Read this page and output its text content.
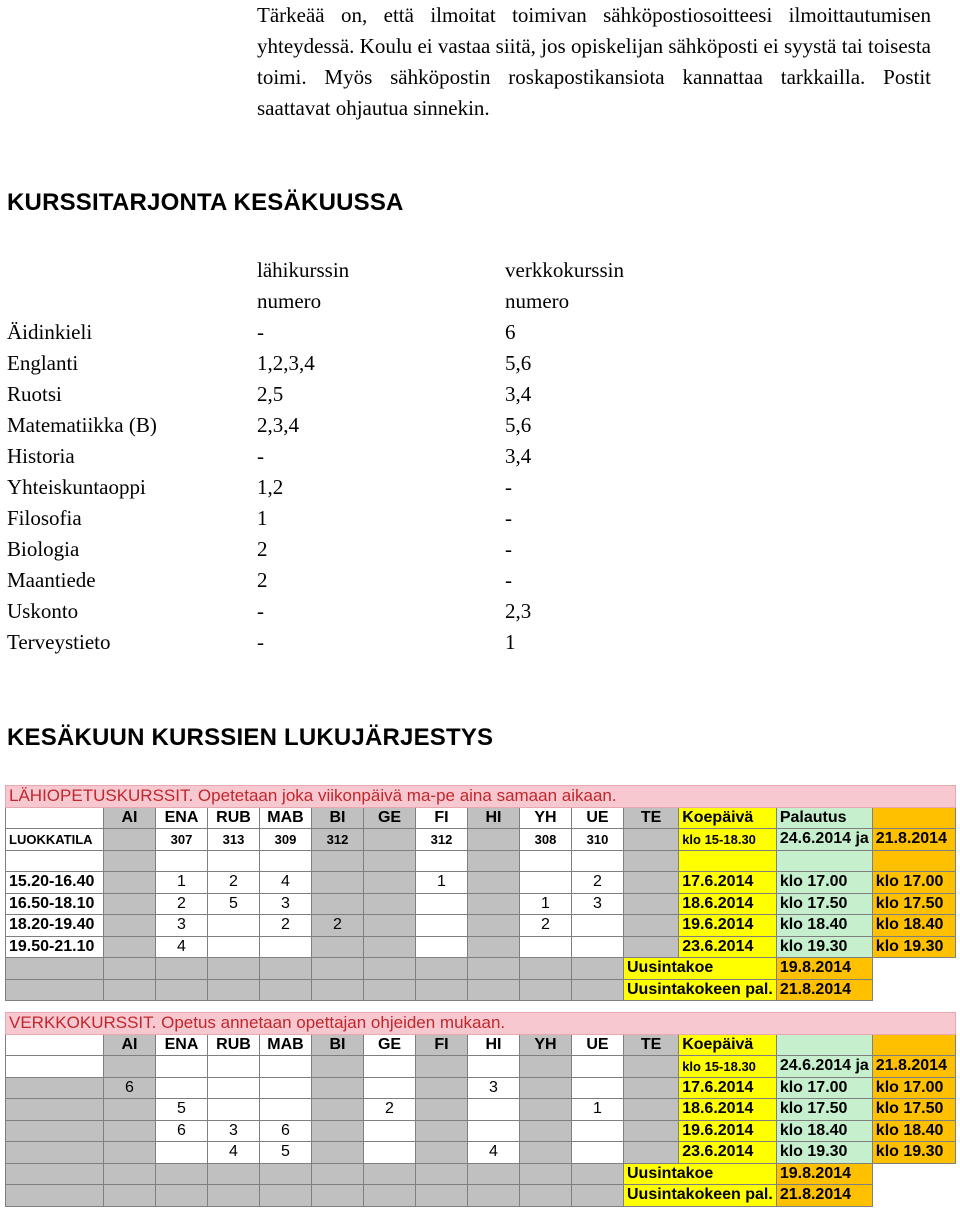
Tärkeää on, että ilmoitat toimivan sähköpostiosoitteesi ilmoittautumisen yhteydessä. Koulu ei vastaa siitä, jos opiskelijan sähköposti ei syystä tai toisesta toimi. Myös sähköpostin roskapostikansiota kannattaa tarkkailla. Postit saattavat ohjautua sinnekin.
KURSSITARJONTA KESÄKUUSSA
lähikurssin	verkkokurssin
numero	numero
Äidinkieli	-	6
Englanti	1,2,3,4	5,6
Ruotsi	2,5	3,4
Matematiikka (B)	2,3,4	5,6
Historia	-	3,4
Yhteiskuntaoppi	1,2	-
Filosofia	1	-
Biologia	2	-
Maantiede	2	-
Uskonto	-	2,3
Terveystieto	-	1
KESÄKUUN KURSSIEN LUKUJÄRJESTYS
LÄHIOPETUSKURSSIT. Opetetaan joka viikonpäivä ma-pe aina samaan aikaan.														
	AI	ENA	RUB	MAB	BI	GE	FI	HI	YH	UE	TE	Koepäivä	Palautus	
LUOKKATILA		307	313	309	312		312		308	310		klo 15-18.30	24.6.2014 ja	21.8.2014

15.20-16.40		1	2	4			1			2		17.6.2014	klo 17.00	klo 17.00
16.50-18.10		2	5	3					1	3		18.6.2014	klo 17.50	klo 17.50
18.20-19.40		3		2	2				2			19.6.2014	klo 18.40	klo 18.40
19.50-21.10		4										23.6.2014	klo 19.30	klo 19.30
											Uusintakoe		19.8.2014	
											Uusintakokeen pal.		21.8.2014	
VERKKOKURSSIT. Opetus annetaan opettajan ohjeiden mukaan.														
	AI	ENA	RUB	MAB	BI	GE	FI	HI	YH	UE	TE	Koepäivä		
												klo 15-18.30	24.6.2014 ja	21.8.2014
	6							3				17.6.2014	klo 17.00	klo 17.00
		5				2				1		18.6.2014	klo 17.50	klo 17.50
		6	3	6								19.6.2014	klo 18.40	klo 18.40
			4	5				4				23.6.2014	klo 19.30	klo 19.30
											Uusintakoe		19.8.2014	
											Uusintakokeen pal.		21.8.2014	
